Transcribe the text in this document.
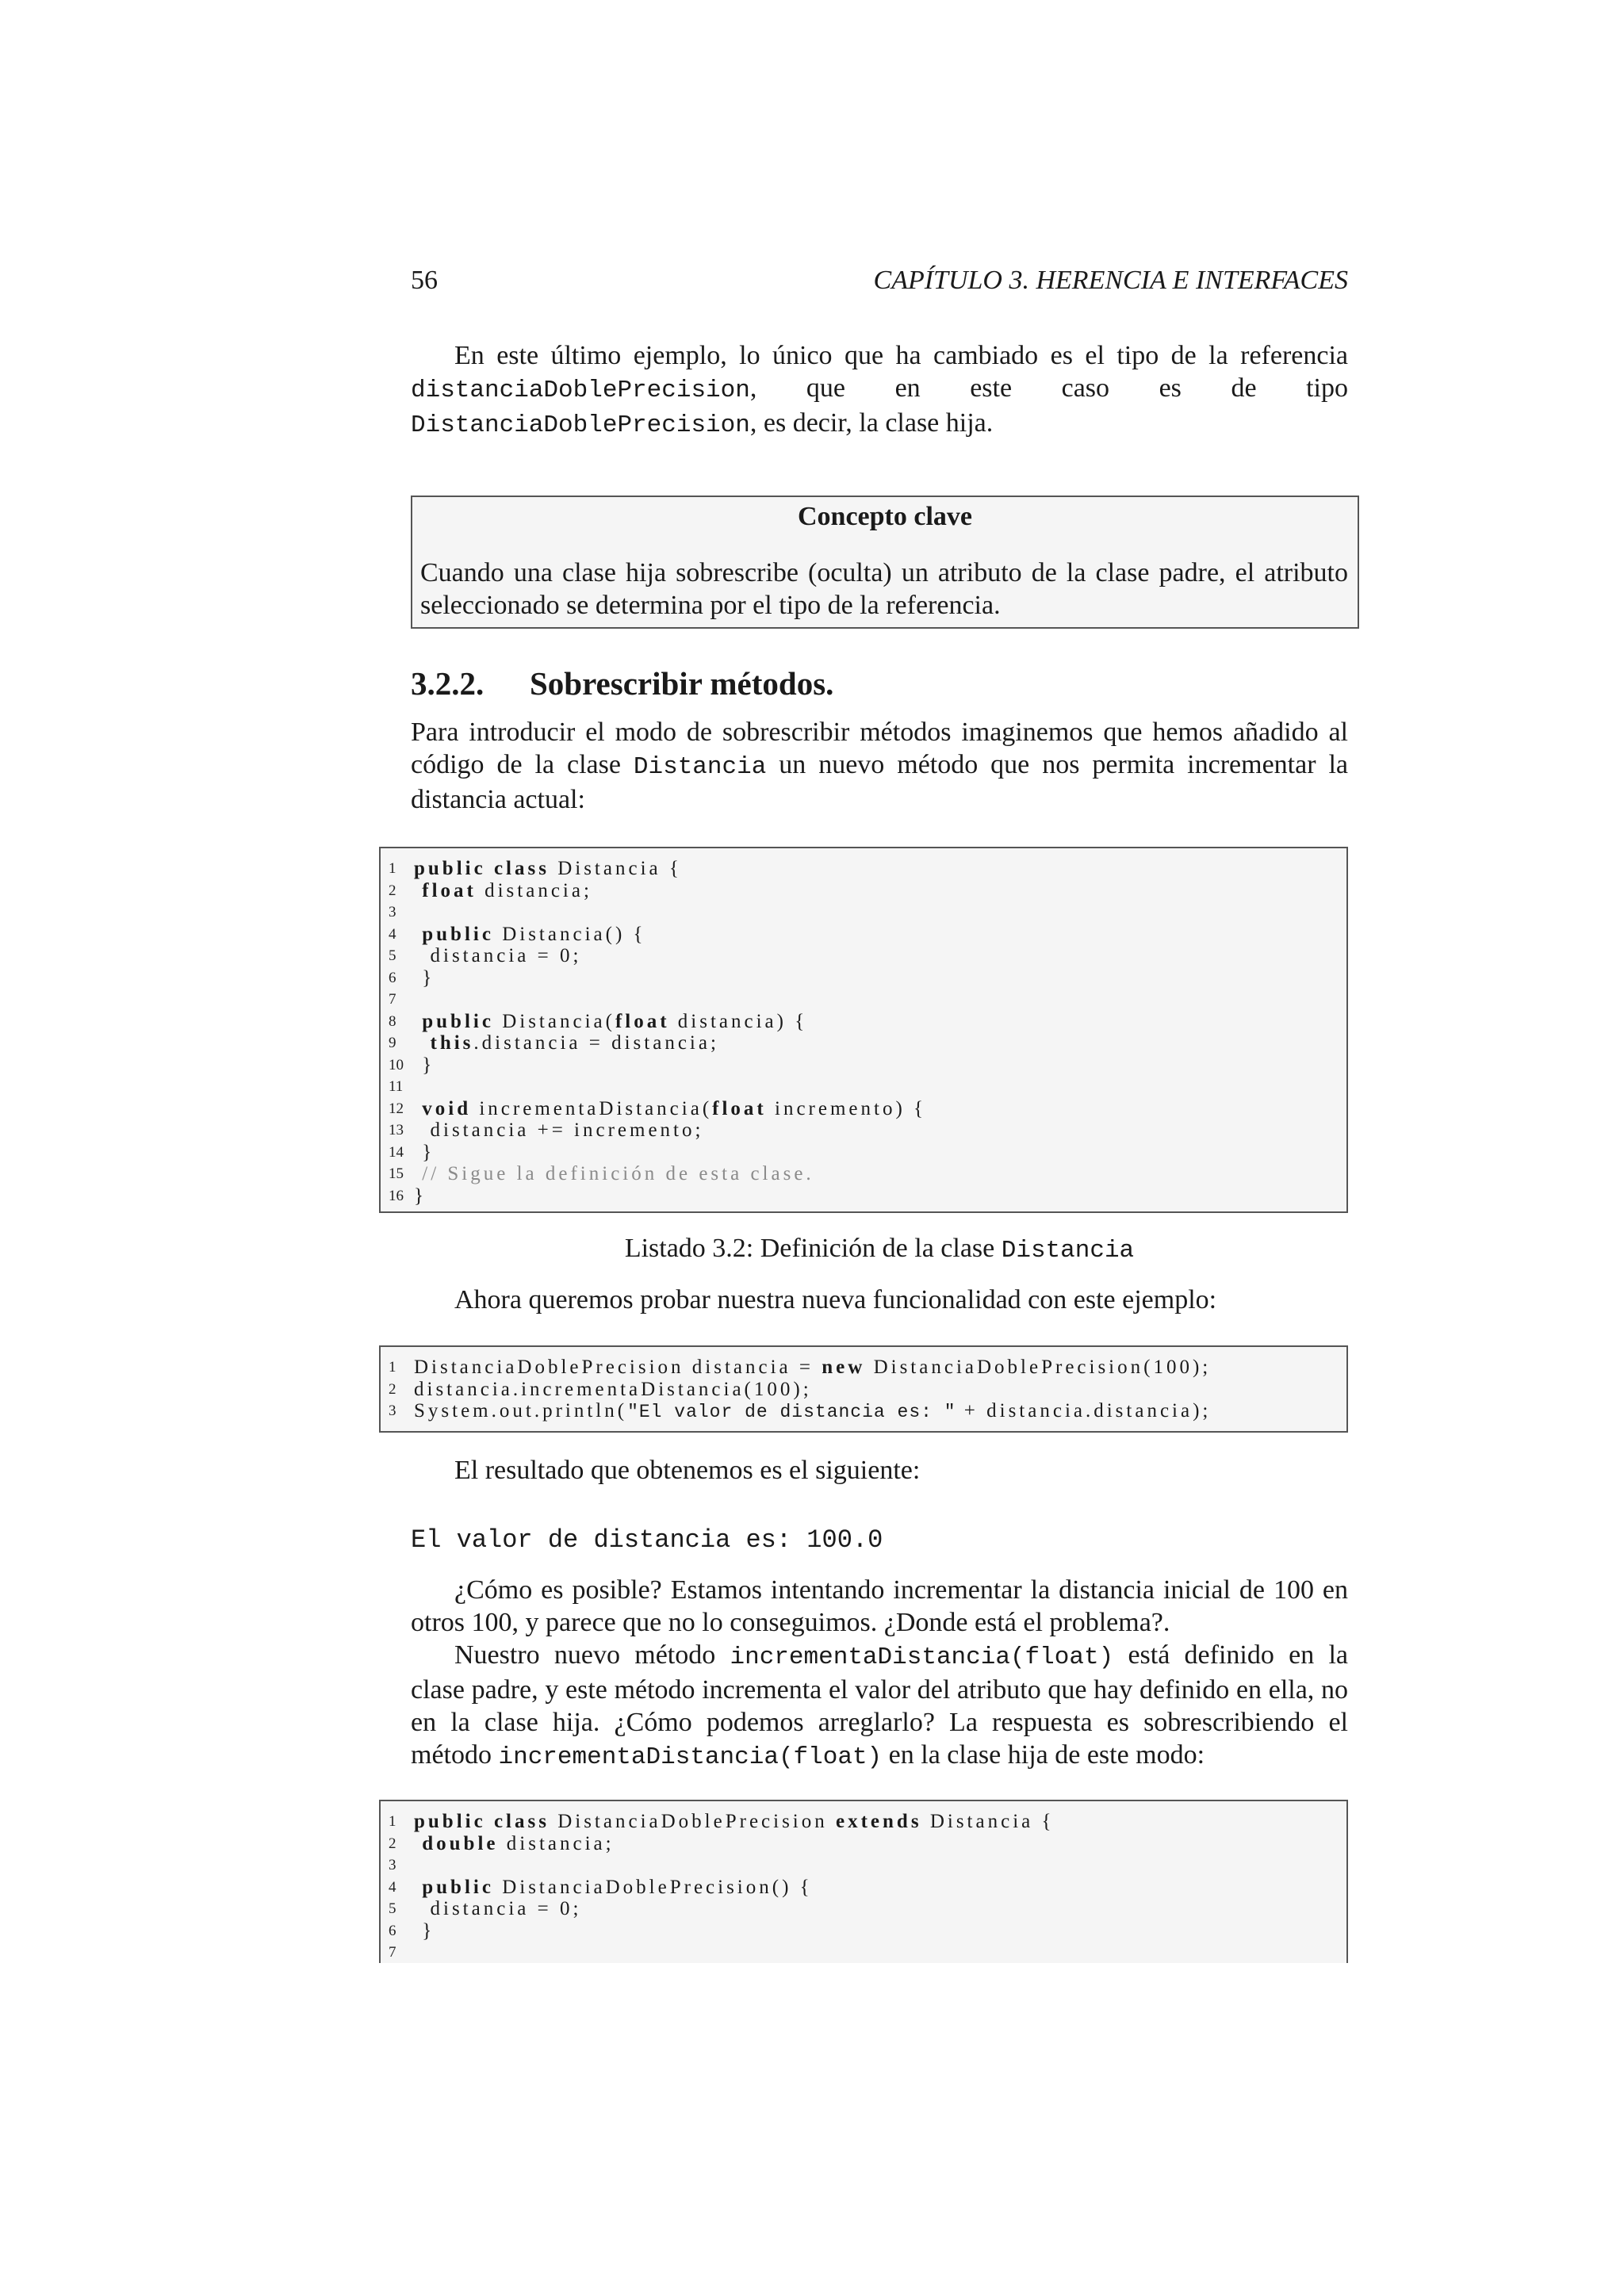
56	CAPÍTULO 3. HERENCIA E INTERFACES

En este último ejemplo, lo único que ha cambiado es el tipo de la referencia distanciaDoblePrecision, que en este caso es de tipo DistanciaDoblePrecision, es decir, la clase hija.

Concepto clave
Cuando una clase hija sobrescribe (oculta) un atributo de la clase padre, el atributo seleccionado se determina por el tipo de la referencia.
3.2.2. Sobrescribir métodos.

Para introducir el modo de sobrescribir métodos imaginemos que hemos añadido al código de la clase Distancia un nuevo método que nos permita incrementar la distancia actual:

1 public class Distancia {
2	float distancia;
3
4	public Distancia() {
5 distancia = 0;
6 }
7
8	public Distancia(float distancia) {
9	this.distancia = distancia;
10 }
11
12 void incrementaDistancia(float incremento) {
13 distancia += incremento;
14 }
15 // Sigue la definición de esta clase.
16 }
Listado 3.2: Definición de la clase Distancia

Ahora queremos probar nuestra nueva funcionalidad con este ejemplo:

1 DistanciaDoblePrecision distancia = new DistanciaDoblePrecision(100);
2 distancia.incrementaDistancia(100);
3 System.out.println("El valor de distancia es: " + distancia.distancia);

El resultado que obtenemos es el siguiente:

El valor de distancia es: 100.0

¿Cómo es posible? Estamos intentando incrementar la distancia inicial de 100 en otros 100, y parece que no lo conseguimos. ¿Donde está el problema?.

Nuestro nuevo método incrementaDistancia(float) está definido en la clase padre, y este método incrementa el valor del atributo que hay definido en ella, no en la clase hija. ¿Cómo podemos arreglarlo? La respuesta es sobrescribiendo el método incrementaDistancia(float) en la clase hija de este modo:

1 public class DistanciaDoblePrecision extends Distancia {
2	double distancia;
3
4	public DistanciaDoblePrecision() {
5 distancia = 0;
6 }
7
